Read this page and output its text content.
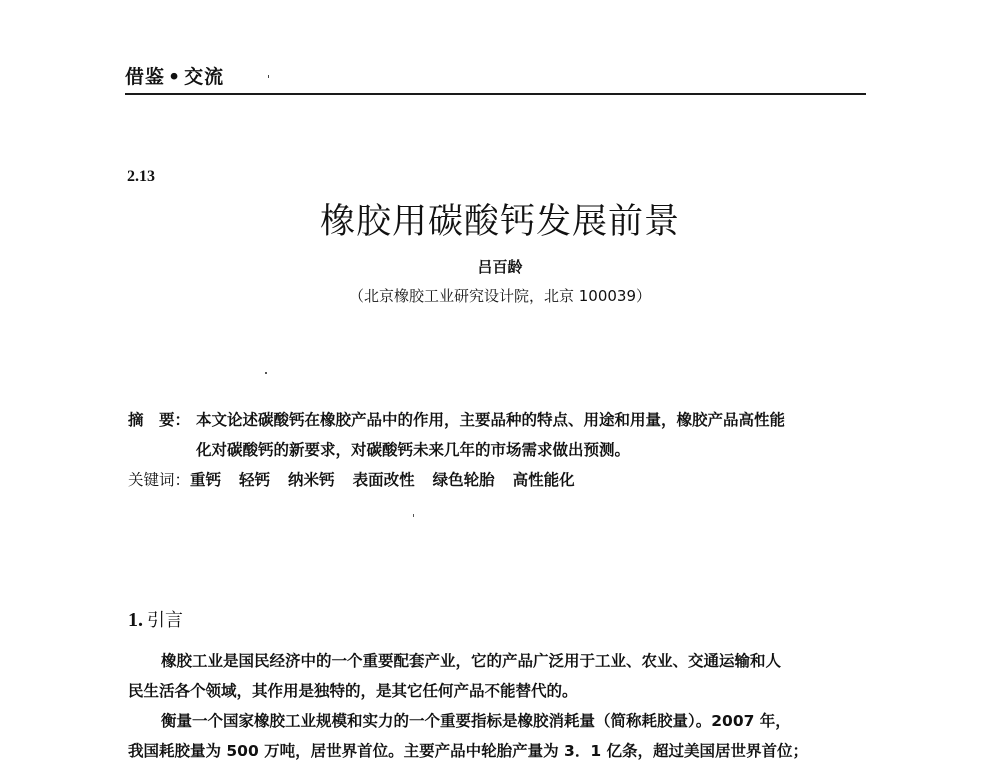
借鉴 • 交流
2.13
橡胶用碳酸钙发展前景
吕百龄
（北京橡胶工业研究设计院，北京 100039）
摘　要： 本文论述碳酸钙在橡胶产品中的作用，主要品种的特点、用途和用量，橡胶产品高性能
化对碳酸钙的新要求，对碳酸钙未来几年的市场需求做出预测。
关键词：重钙 轻钙 纳米钙 表面改性 绿色轮胎 高性能化
1. 引言

橡胶工业是国民经济中的一个重要配套产业，它的产品广泛用于工业、农业、交通运输和人
民生活各个领域，其作用是独特的，是其它任何产品不能替代的。

衡量一个国家橡胶工业规模和实力的一个重要指标是橡胶消耗量（简称耗胶量）。2007 年，
我国耗胶量为 500 万吨，居世界首位。主要产品中轮胎产量为 3．1 亿条，超过美国居世界首位；
